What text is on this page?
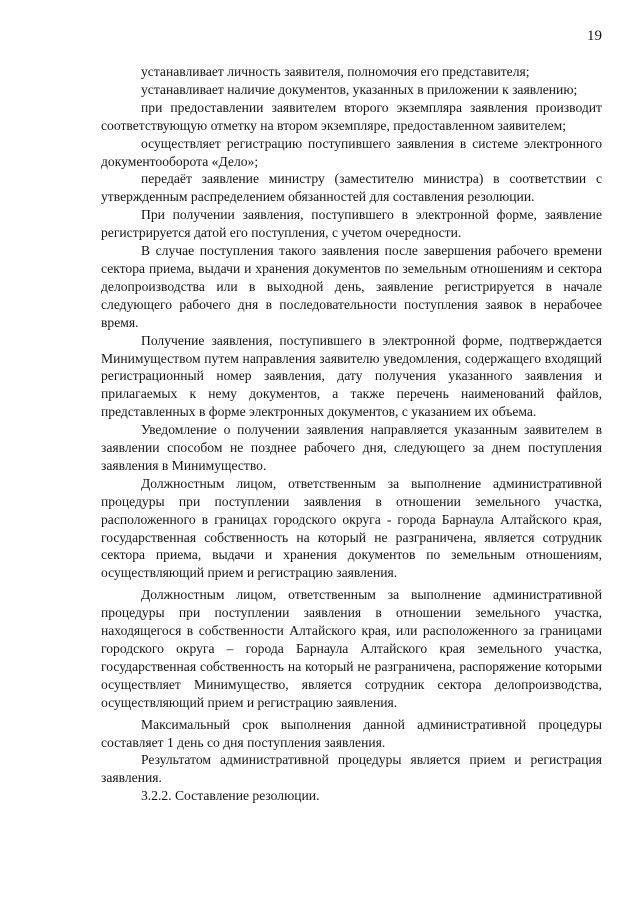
19

устанавливает личность заявителя, полномочия его представителя;

устанавливает наличие документов, указанных в приложении к заявлению;

при предоставлении заявителем второго экземпляра заявления производит соответствующую отметку на втором экземпляре, предоставленном заявителем;

осуществляет регистрацию поступившего заявления в системе электронного документооборота «Дело»;

передаёт заявление министру (заместителю министра) в соответствии с утвержденным распределением обязанностей для составления резолюции.

При получении заявления, поступившего в электронной форме, заявление регистрируется датой его поступления, с учетом очередности.

В случае поступления такого заявления после завершения рабочего времени сектора приема, выдачи и хранения документов по земельным отношениям и сектора делопроизводства или в выходной день, заявление регистрируется в начале следующего рабочего дня в последовательности поступления заявок в нерабочее время.

Получение заявления, поступившего в электронной форме, подтверждается Минимуществом путем направления заявителю уведомления, содержащего входящий регистрационный номер заявления, дату получения указанного заявления и прилагаемых к нему документов, а также перечень наименований файлов, представленных в форме электронных документов, с указанием их объема.

Уведомление о получении заявления направляется указанным заявителем в заявлении способом не позднее рабочего дня, следующего за днем поступления заявления в Минимущество.

Должностным лицом, ответственным за выполнение административной процедуры при поступлении заявления в отношении земельного участка, расположенного в границах городского округа - города Барнаула Алтайского края, государственная собственность на который не разграничена, является сотрудник сектора приема, выдачи и хранения документов по земельным отношениям, осуществляющий прием и регистрацию заявления.

Должностным лицом, ответственным за выполнение административной процедуры при поступлении заявления в отношении земельного участка, находящегося в собственности Алтайского края, или расположенного за границами городского округа – города Барнаула Алтайского края земельного участка, государственная собственность на который не разграничена, распоряжение которыми осуществляет Минимущество, является сотрудник сектора делопроизводства, осуществляющий прием и регистрацию заявления.

Максимальный срок выполнения данной административной процедуры составляет 1 день со дня поступления заявления.

Результатом административной процедуры является прием и регистрация заявления.

3.2.2. Составление резолюции.
